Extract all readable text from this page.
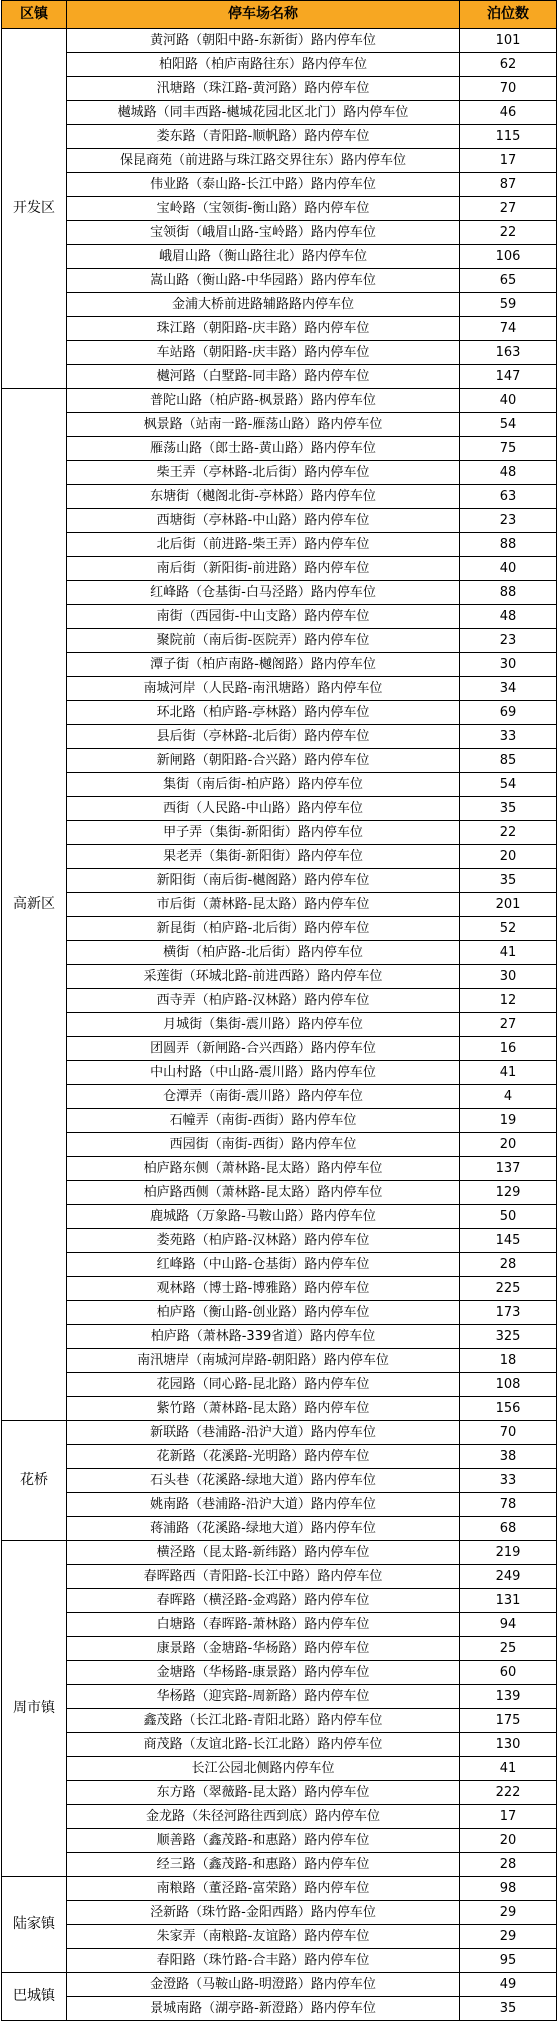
区镇	停车场名称	泊位数
开发区	黄河路（朝阳中路-东新街）路内停车位	101
	柏阳路（柏庐南路往东）路内停车位	62
	汛塘路（珠江路-黄河路）路内停车位	70
	樾城路（同丰西路-樾城花园北区北门）路内停车位	46
	娄东路（青阳路-顺帆路）路内停车位	115
	保昆商苑（前进路与珠江路交界往东）路内停车位	17
	伟业路（泰山路-长江中路）路内停车位	87
	宝岭路（宝领街-衡山路）路内停车位	27
	宝领街（峨眉山路-宝岭路）路内停车位	22
	峨眉山路（衡山路往北）路内停车位	106
	嵩山路（衡山路-中华园路）路内停车位	65
	金浦大桥前进路辅路路内停车位	59
	珠江路（朝阳路-庆丰路）路内停车位	74
	车站路（朝阳路-庆丰路）路内停车位	163
	樾河路（白墅路-同丰路）路内停车位	147
高新区	普陀山路（柏庐路-枫景路）路内停车位	40
	枫景路（站南一路-雁荡山路）路内停车位	54
	雁荡山路（郎士路-黄山路）路内停车位	75
	柴王弄（亭林路-北后街）路内停车位	48
	东塘街（樾阁北街-亭林路）路内停车位	63
	西塘街（亭林路-中山路）路内停车位	23
	北后街（前进路-柴王弄）路内停车位	88
	南后街（新阳街-前进路）路内停车位	40
	红峰路（仓基街-白马泾路）路内停车位	88
	南街（西园街-中山支路）路内停车位	48
	聚院前（南后街-医院弄）路内停车位	23
	潭子街（柏庐南路-樾阁路）路内停车位	30
	南城河岸（人民路-南汛塘路）路内停车位	34
	环北路（柏庐路-亭林路）路内停车位	69
	县后街（亭林路-北后街）路内停车位	33
	新闸路（朝阳路-合兴路）路内停车位	85
	集街（南后街-柏庐路）路内停车位	54
	西街（人民路-中山路）路内停车位	35
	甲子弄（集街-新阳街）路内停车位	22
	果老弄（集街-新阳街）路内停车位	20
	新阳街（南后街-樾阁路）路内停车位	35
	市后街（萧林路-昆太路）路内停车位	201
	新昆街（柏庐路-北后街）路内停车位	52
	横街（柏庐路-北后街）路内停车位	41
	采莲街（环城北路-前进西路）路内停车位	30
	西寺弄（柏庐路-汉林路）路内停车位	12
	月城街（集街-震川路）路内停车位	27
	团圆弄（新闸路-合兴西路）路内停车位	16
	中山村路（中山路-震川路）路内停车位	41
	仓潭弄（南街-震川路）路内停车位	4
	石幢弄（南街-西街）路内停车位	19
	西园街（南街-西街）路内停车位	20
	柏庐路东侧（萧林路-昆太路）路内停车位	137
	柏庐路西侧（萧林路-昆太路）路内停车位	129
	鹿城路（万象路-马鞍山路）路内停车位	50
	娄苑路（柏庐路-汉林路）路内停车位	145
	红峰路（中山路-仓基街）路内停车位	28
	观林路（博士路-博雅路）路内停车位	225
	柏庐路（衡山路-创业路）路内停车位	173
	柏庐路（萧林路-339省道）路内停车位	325
	南汛塘岸（南城河岸路-朝阳路）路内停车位	18
	花园路（同心路-昆北路）路内停车位	108
	紫竹路（萧林路-昆太路）路内停车位	156
花桥	新联路（巷浦路-沿沪大道）路内停车位	70
	花新路（花溪路-光明路）路内停车位	38
	石头巷（花溪路-绿地大道）路内停车位	33
	姚南路（巷浦路-沿沪大道）路内停车位	78
	蒋浦路（花溪路-绿地大道）路内停车位	68
周市镇	横泾路（昆太路-新纬路）路内停车位	219
	春晖路西（青阳路-长江中路）路内停车位	249
	春晖路（横泾路-金鸡路）路内停车位	131
	白塘路（春晖路-萧林路）路内停车位	94
	康景路（金塘路-华杨路）路内停车位	25
	金塘路（华杨路-康景路）路内停车位	60
	华杨路（迎宾路-周新路）路内停车位	139
	鑫茂路（长江北路-青阳北路）路内停车位	175
	商茂路（友谊北路-长江北路）路内停车位	130
	长江公园北侧路内停车位	41
	东方路（翠薇路-昆太路）路内停车位	222
	金龙路（朱径河路往西到底）路内停车位	17
	顺善路（鑫茂路-和惠路）路内停车位	20
	经三路（鑫茂路-和惠路）路内停车位	28
陆家镇	南粮路（董泾路-富荣路）路内停车位	98
	泾新路（珠竹路-金阳西路）路内停车位	29
	朱家弄（南粮路-友谊路）路内停车位	29
	春阳路（珠竹路-合丰路）路内停车位	95
巴城镇	金澄路（马鞍山路-明澄路）路内停车位	49
	景城南路（湖亭路-新澄路）路内停车位	35
